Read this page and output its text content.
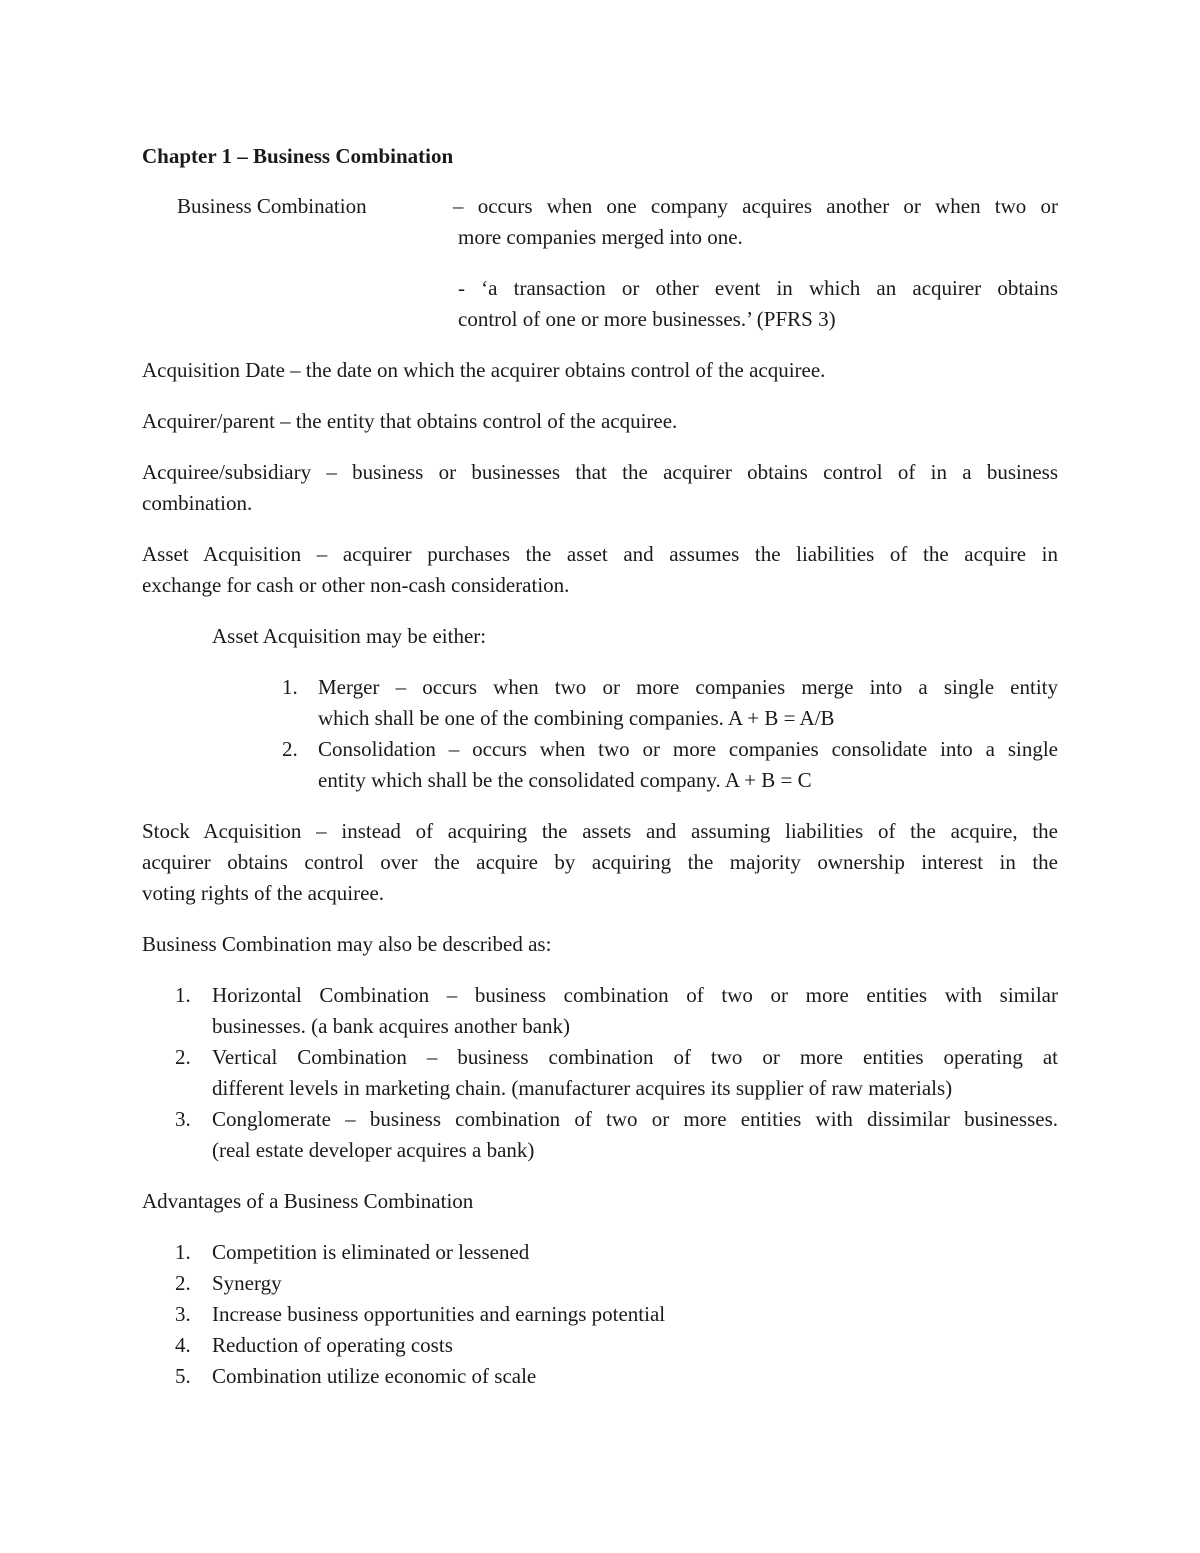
Chapter 1 – Business Combination
Business Combination	– occurs when one company acquires another or when two or
more companies merged into one.
- ‘a transaction or other event in which an acquirer obtains
control of one or more businesses.’ (PFRS 3)
Acquisition Date – the date on which the acquirer obtains control of the acquiree.
Acquirer/parent – the entity that obtains control of the acquiree.
Acquiree/subsidiary – business or businesses that the acquirer obtains control of in a business
combination.
Asset Acquisition – acquirer purchases the asset and assumes the liabilities of the acquire in
exchange for cash or other non-cash consideration.
Asset Acquisition may be either:
1. Merger – occurs when two or more companies merge into a single entity
which shall be one of the combining companies. A + B = A/B
2. Consolidation – occurs when two or more companies consolidate into a single
entity which shall be the consolidated company. A + B = C
Stock Acquisition – instead of acquiring the assets and assuming liabilities of the acquire, the
acquirer obtains control over the acquire by acquiring the majority ownership interest in the
voting rights of the acquiree.
Business Combination may also be described as:
1. Horizontal Combination – business combination of two or more entities with similar
businesses. (a bank acquires another bank)
2. Vertical Combination – business combination of two or more entities operating at
different levels in marketing chain. (manufacturer acquires its supplier of raw materials)
3. Conglomerate – business combination of two or more entities with dissimilar businesses.
(real estate developer acquires a bank)
Advantages of a Business Combination
1. Competition is eliminated or lessened
2. Synergy
3. Increase business opportunities and earnings potential
4. Reduction of operating costs
5. Combination utilize economic of scale
